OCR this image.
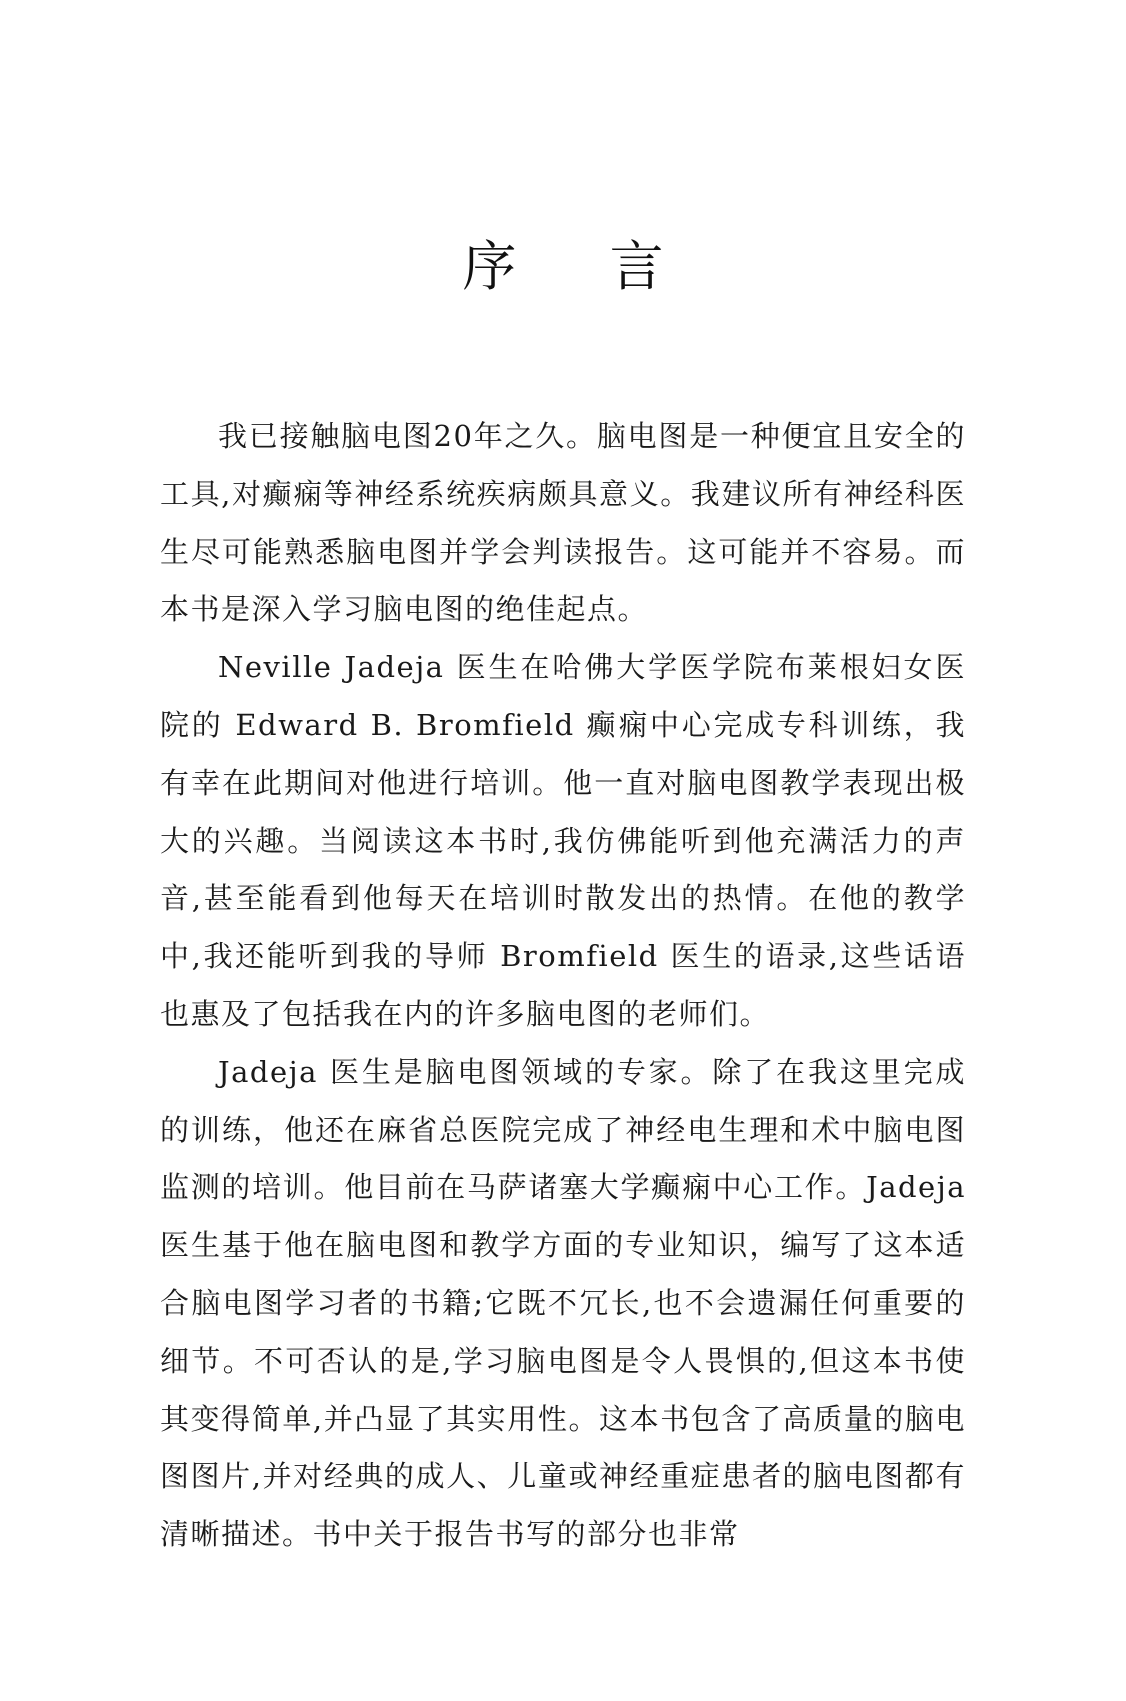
序 言

我已接触脑电图20年之久。脑电图是一种便宜且安全的工具,对癫痫等神经系统疾病颇具意义。我建议所有神经科医生尽可能熟悉脑电图并学会判读报告。这可能并不容易。而本书是深入学习脑电图的绝佳起点。

Neville Jadeja 医生在哈佛大学医学院布莱根妇女医院的 Edward B. Bromfield 癫痫中心完成专科训练，我有幸在此期间对他进行培训。他一直对脑电图教学表现出极大的兴趣。当阅读这本书时,我仿佛能听到他充满活力的声音,甚至能看到他每天在培训时散发出的热情。在他的教学中,我还能听到我的导师 Bromfield 医生的语录,这些话语也惠及了包括我在内的许多脑电图的老师们。

Jadeja 医生是脑电图领域的专家。除了在我这里完成的训练，他还在麻省总医院完成了神经电生理和术中脑电图监测的培训。他目前在马萨诸塞大学癫痫中心工作。Jadeja 医生基于他在脑电图和教学方面的专业知识，编写了这本适合脑电图学习者的书籍;它既不冗长,也不会遗漏任何重要的细节。不可否认的是,学习脑电图是令人畏惧的,但这本书使其变得简单,并凸显了其实用性。这本书包含了高质量的脑电图图片,并对经典的成人、儿童或神经重症患者的脑电图都有清晰描述。书中关于报告书写的部分也非常
